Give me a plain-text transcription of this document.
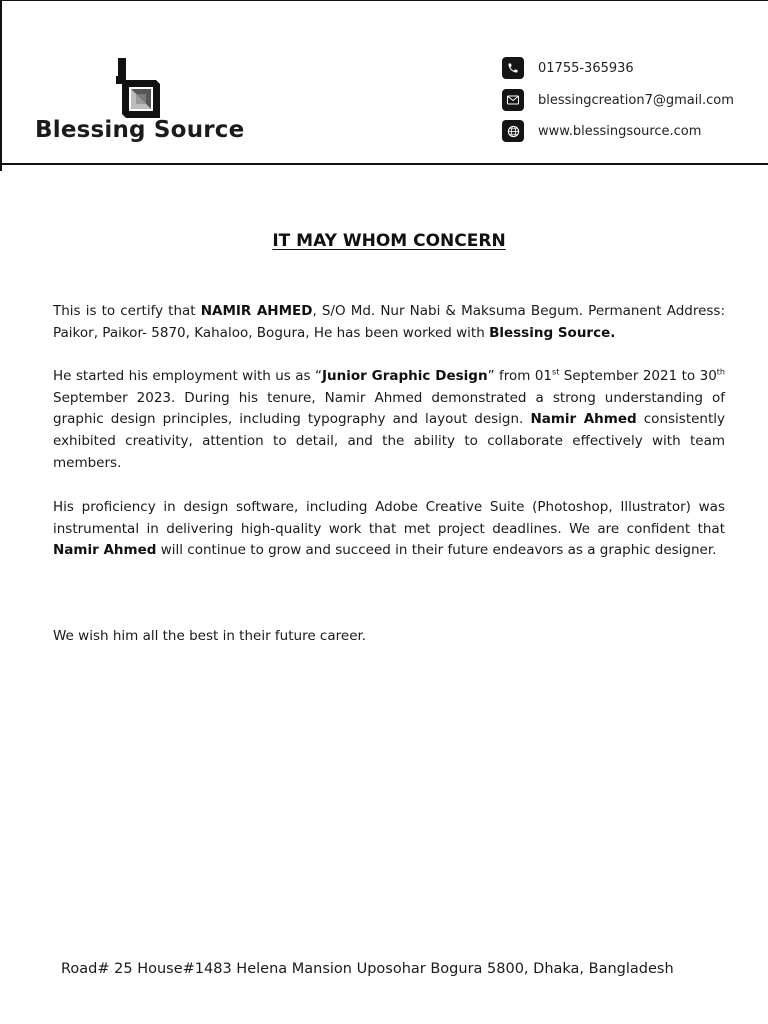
Blessing Source
01755-365936
blessingcreation7@gmail.com
www.blessingsource.com
IT MAY WHOM CONCERN

This is to certify that NAMIR AHMED, S/O Md. Nur Nabi & Maksuma Begum. Permanent Address: Paikor, Paikor- 5870, Kahaloo, Bogura, He has been worked with Blessing Source.

He started his employment with us as “Junior Graphic Design” from 01st September 2021 to 30th September 2023. During his tenure, Namir Ahmed demonstrated a strong understanding of graphic design principles, including typography and layout design. Namir Ahmed consistently exhibited creativity, attention to detail, and the ability to collaborate effectively with team members.

His proficiency in design software, including Adobe Creative Suite (Photoshop, Illustrator) was instrumental in delivering high-quality work that met project deadlines. We are confident that Namir Ahmed will continue to grow and succeed in their future endeavors as a graphic designer.

We wish him all the best in their future career.

Road# 25 House#1483 Helena Mansion Uposohar Bogura 5800, Dhaka, Bangladesh
